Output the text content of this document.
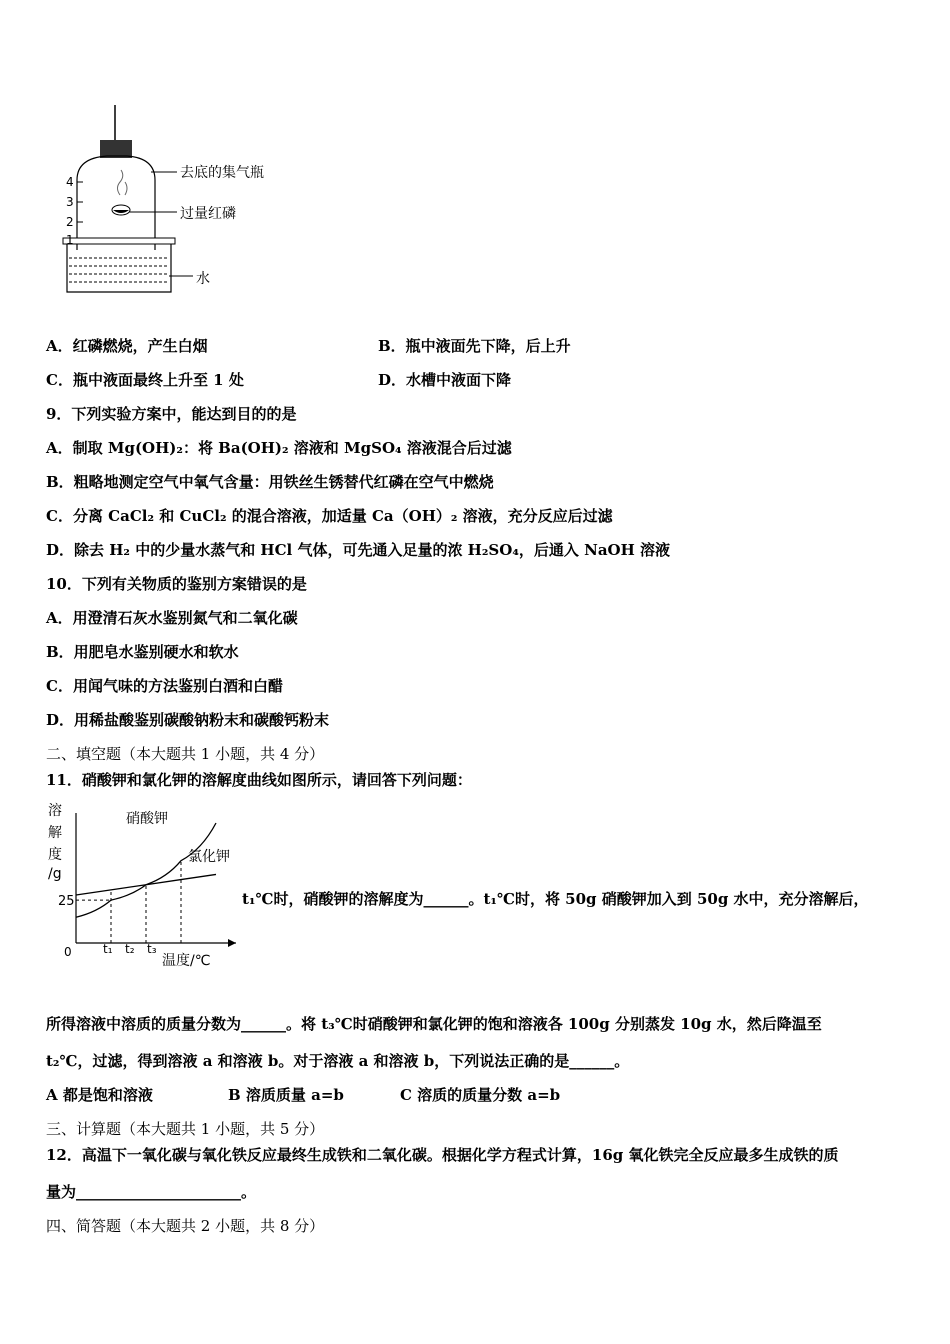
4
3
2
1
去底的集气瓶
过量红磷
水
A．红磷燃烧，产生白烟	B．瓶中液面先下降，后上升
C．瓶中液面最终上升至 1 处	D．水槽中液面下降
9．下列实验方案中，能达到目的的是
A．制取 Mg(OH)₂：将 Ba(OH)₂ 溶液和 MgSO₄ 溶液混合后过滤
B．粗略地测定空气中氧气含量：用铁丝生锈替代红磷在空气中燃烧
C．分离 CaCl₂ 和 CuCl₂ 的混合溶液，加适量 Ca（OH）₂ 溶液，充分反应后过滤
D．除去 H₂ 中的少量水蒸气和 HCl 气体，可先通入足量的浓 H₂SO₄，后通入 NaOH 溶液
10．下列有关物质的鉴别方案错误的是
A．用澄清石灰水鉴别氮气和二氧化碳
B．用肥皂水鉴别硬水和软水
C．用闻气味的方法鉴别白酒和白醋
D．用稀盐酸鉴别碳酸钠粉末和碳酸钙粉末
二、填空题（本大题共 1 小题，共 4 分）
11．硝酸钾和氯化钾的溶解度曲线如图所示，请回答下列问题：
溶
解
度
/g
25
0	t₁ t₂ t₃
温度/℃
硝酸钾
氯化钾
t₁℃时，硝酸钾的溶解度为______。t₁℃时，将 50g 硝酸钾加入到 50g 水中，充分溶解后，
所得溶液中溶质的质量分数为______。将 t₃℃时硝酸钾和氯化钾的饱和溶液各 100g 分别蒸发 10g 水，然后降温至
t₂℃，过滤，得到溶液 a 和溶液 b。对于溶液 a 和溶液 b，下列说法正确的是______。
A 都是饱和溶液	B 溶质质量 a=b	C 溶质的质量分数 a=b
三、计算题（本大题共 1 小题，共 5 分）
12．高温下一氧化碳与氧化铁反应最终生成铁和二氧化碳。根据化学方程式计算，16g 氧化铁完全反应最多生成铁的质
量为______________________。
四、简答题（本大题共 2 小题，共 8 分）
